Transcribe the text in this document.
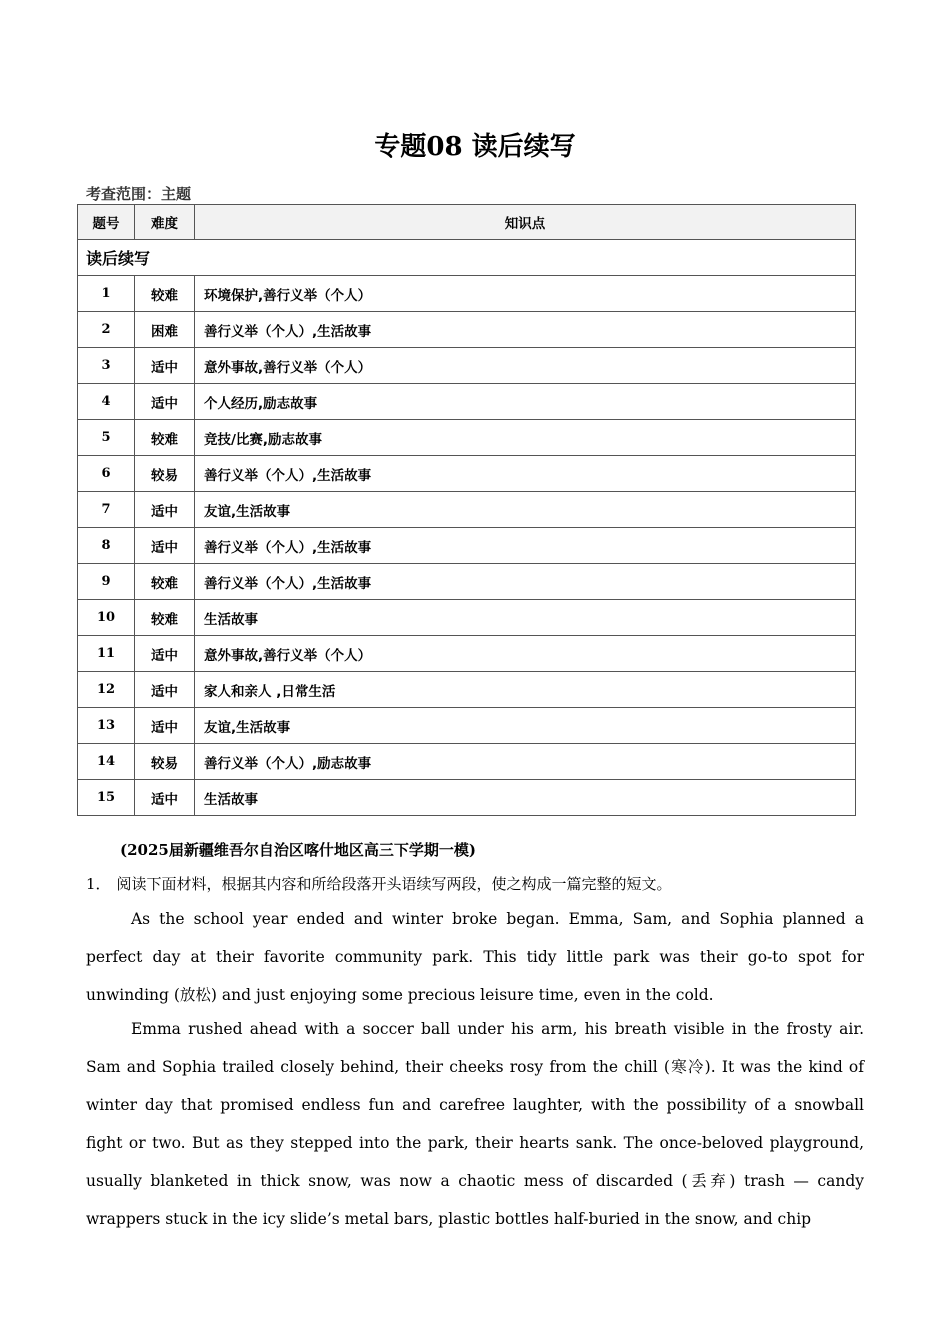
专题08 读后续写
考查范围：主题
题号	难度	知识点
读后续写		
1	较难	环境保护,善行义举（个人）
2	困难	善行义举（个人）,生活故事
3	适中	意外事故,善行义举（个人）
4	适中	个人经历,励志故事
5	较难	竞技/比赛,励志故事
6	较易	善行义举（个人）,生活故事
7	适中	友谊,生活故事
8	适中	善行义举（个人）,生活故事
9	较难	善行义举（个人）,生活故事
10	较难	生活故事
11	适中	意外事故,善行义举（个人）
12	适中	家人和亲人 ,日常生活
13	适中	友谊,生活故事
14	较易	善行义举（个人）,励志故事
15	适中	生活故事
(2025届新疆维吾尔自治区喀什地区高三下学期一模)
1． 阅读下面材料，根据其内容和所给段落开头语续写两段，使之构成一篇完整的短文。

As the school year ended and winter broke began. Emma, Sam, and Sophia planned a perfect day at their favorite community park. This tidy little park was their go-to spot for unwinding (放松) and just enjoying some precious leisure time, even in the cold.

Emma rushed ahead with a soccer ball under his arm, his breath visible in the frosty air. Sam and Sophia trailed closely behind, their cheeks rosy from the chill (寒冷). It was the kind of winter day that promised endless fun and carefree laughter, with the possibility of a snowball fight or two. But as they stepped into the park, their hearts sank. The once-beloved playground, usually blanketed in thick snow, was now a chaotic mess of discarded (丢弃) trash — candy wrappers stuck in the icy slide’s metal bars, plastic bottles half-buried in the snow, and chip
